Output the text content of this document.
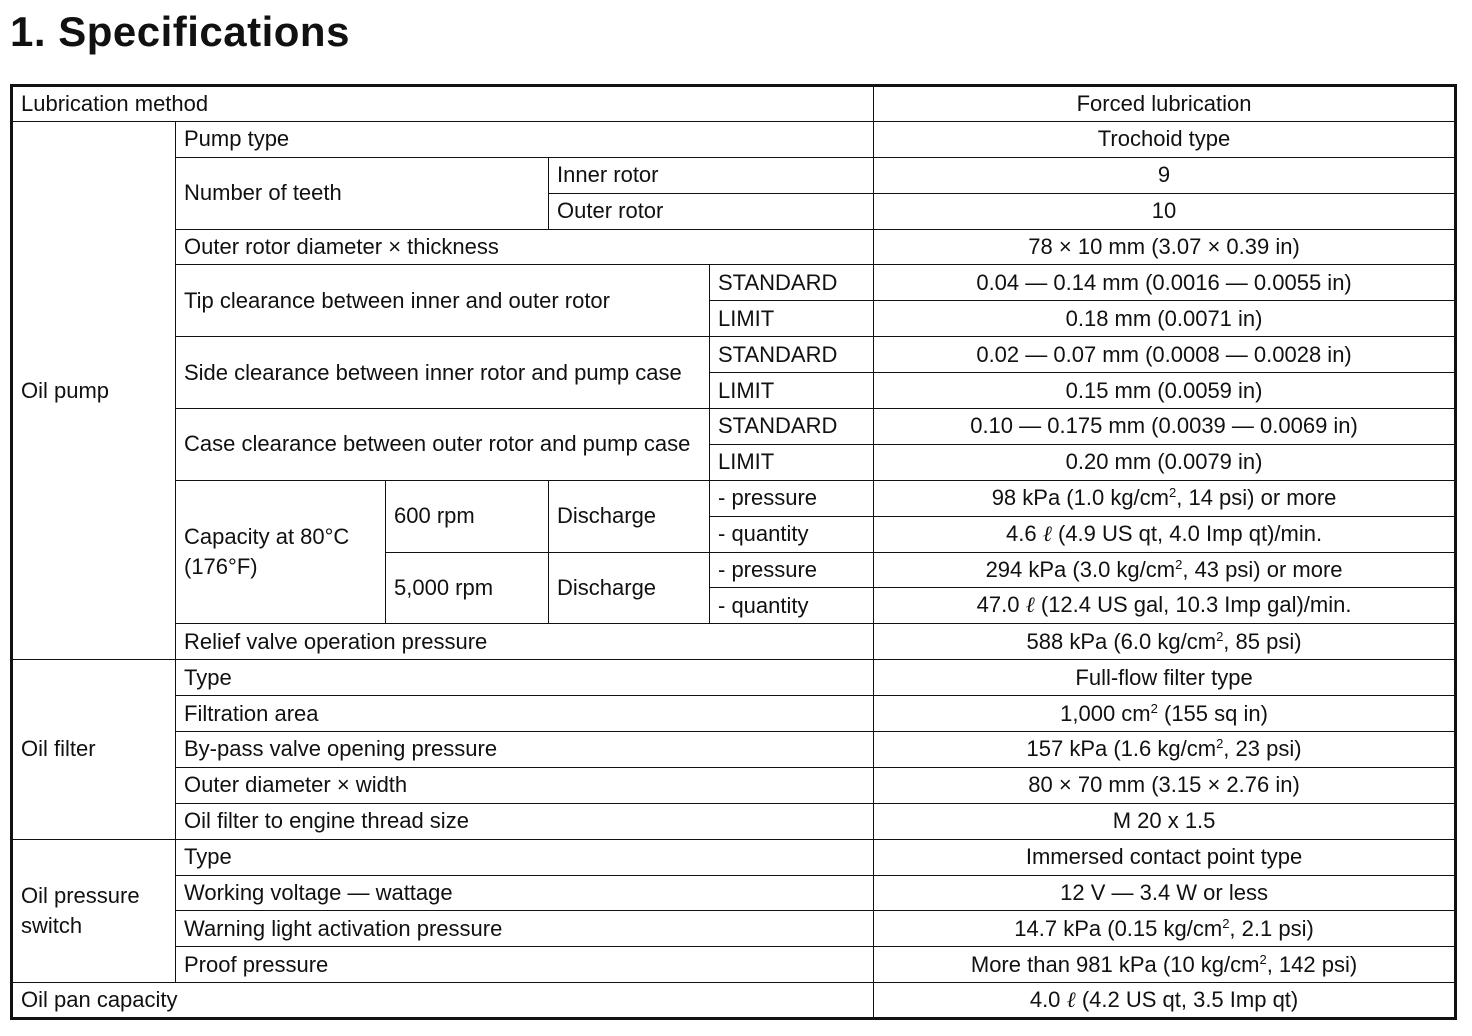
1. Specifications
Lubrication method					Forced lubrication
Oil pump	Pump type				Trochoid type
	Number of teeth		Inner rotor		9
			Outer rotor		10
	Outer rotor diameter × thickness				78 × 10 mm (3.07 × 0.39 in)
	Tip clearance between inner and outer rotor			STANDARD	0.04 — 0.14 mm (0.0016 — 0.0055 in)
				LIMIT	0.18 mm (0.0071 in)
	Side clearance between inner rotor and pump case			STANDARD	0.02 — 0.07 mm (0.0008 — 0.0028 in)
				LIMIT	0.15 mm (0.0059 in)
	Case clearance between outer rotor and pump case			STANDARD	0.10 — 0.175 mm (0.0039 — 0.0069 in)
				LIMIT	0.20 mm (0.0079 in)
	Capacity at 80°C (176°F)	600 rpm	Discharge	- pressure	98 kPa (1.0 $kg/cm^2$, 14 psi) or more
				- quantity	4.6 ℓ (4.9 US qt, 4.0 Imp qt)/min.
		5,000 rpm	Discharge	- pressure	294 kPa (3.0 $kg/cm^2$, 43 psi) or more
				- quantity	47.0 ℓ (12.4 US gal, 10.3 Imp gal)/min.
	Relief valve operation pressure				588 kPa (6.0 $kg/cm^2$, 85 psi)
Oil filter	Type				Full-flow filter type
	Filtration area				1,000 $cm^2$ (155 sq in)
	By-pass valve opening pressure				157 kPa (1.6 $kg/cm^2$, 23 psi)
	Outer diameter × width				80 × 70 mm (3.15 × 2.76 in)
	Oil filter to engine thread size				M 20 x 1.5
Oil pressure switch	Type				Immersed contact point type
	Working voltage — wattage				12 V — 3.4 W or less
	Warning light activation pressure				14.7 kPa (0.15 $kg/cm^2$, 2.1 psi)
	Proof pressure				More than 981 kPa (10 $kg/cm^2$, 142 psi)
Oil pan capacity					4.0 ℓ (4.2 US qt, 3.5 Imp qt)
